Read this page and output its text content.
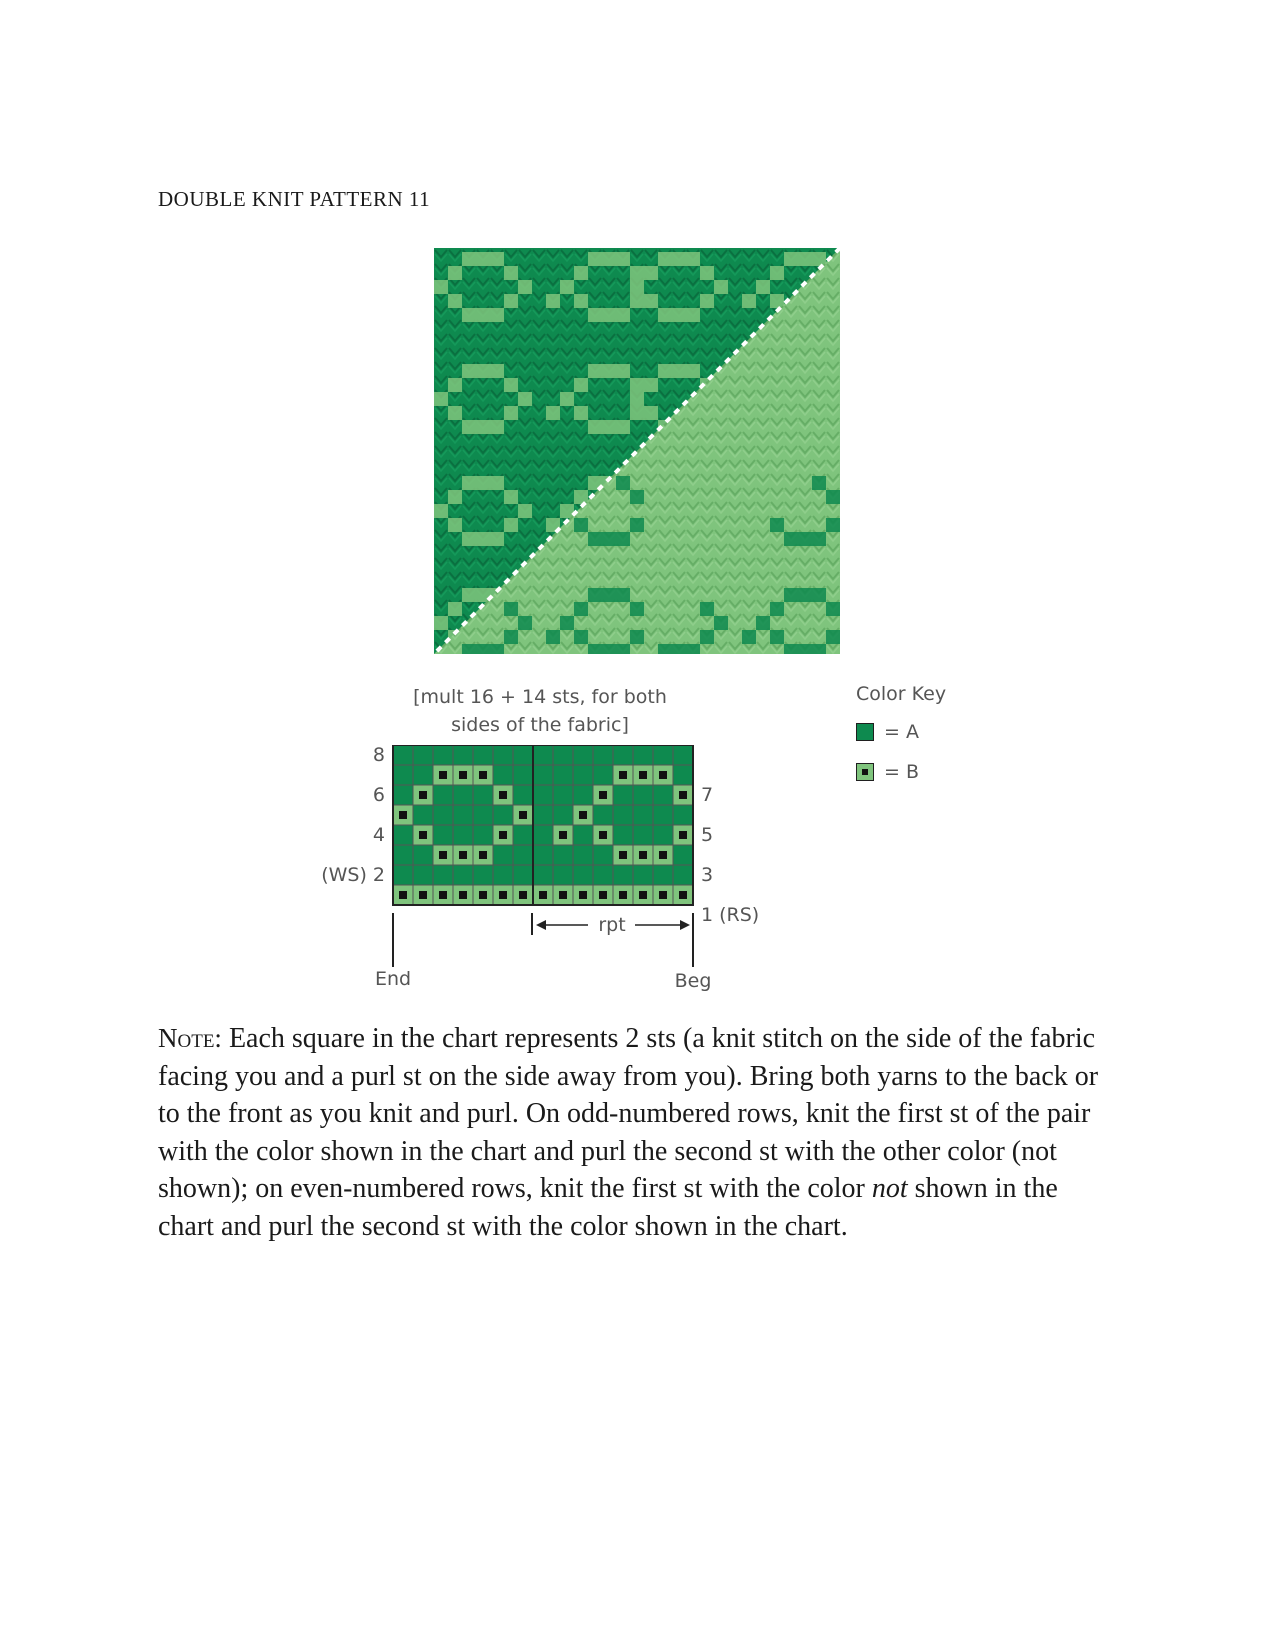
DOUBLE KNIT PATTERN 11
[mult 16 + 14 sts, for both
sides of the fabric]
8
6
4
(WS) 2
7
5
3
1 (RS)
rpt
End	Beg
Color Key
= A
= B
Note: Each square in the chart represents 2 sts (a knit stitch on the side of the fabric facing you and a purl st on the side away from you). Bring both yarns to the back or to the front as you knit and purl. On odd-numbered rows, knit the first st of the pair with the color shown in the chart and purl the second st with the other color (not shown); on even-numbered rows, knit the first st with the color not shown in the chart and purl the second st with the color shown in the chart.
